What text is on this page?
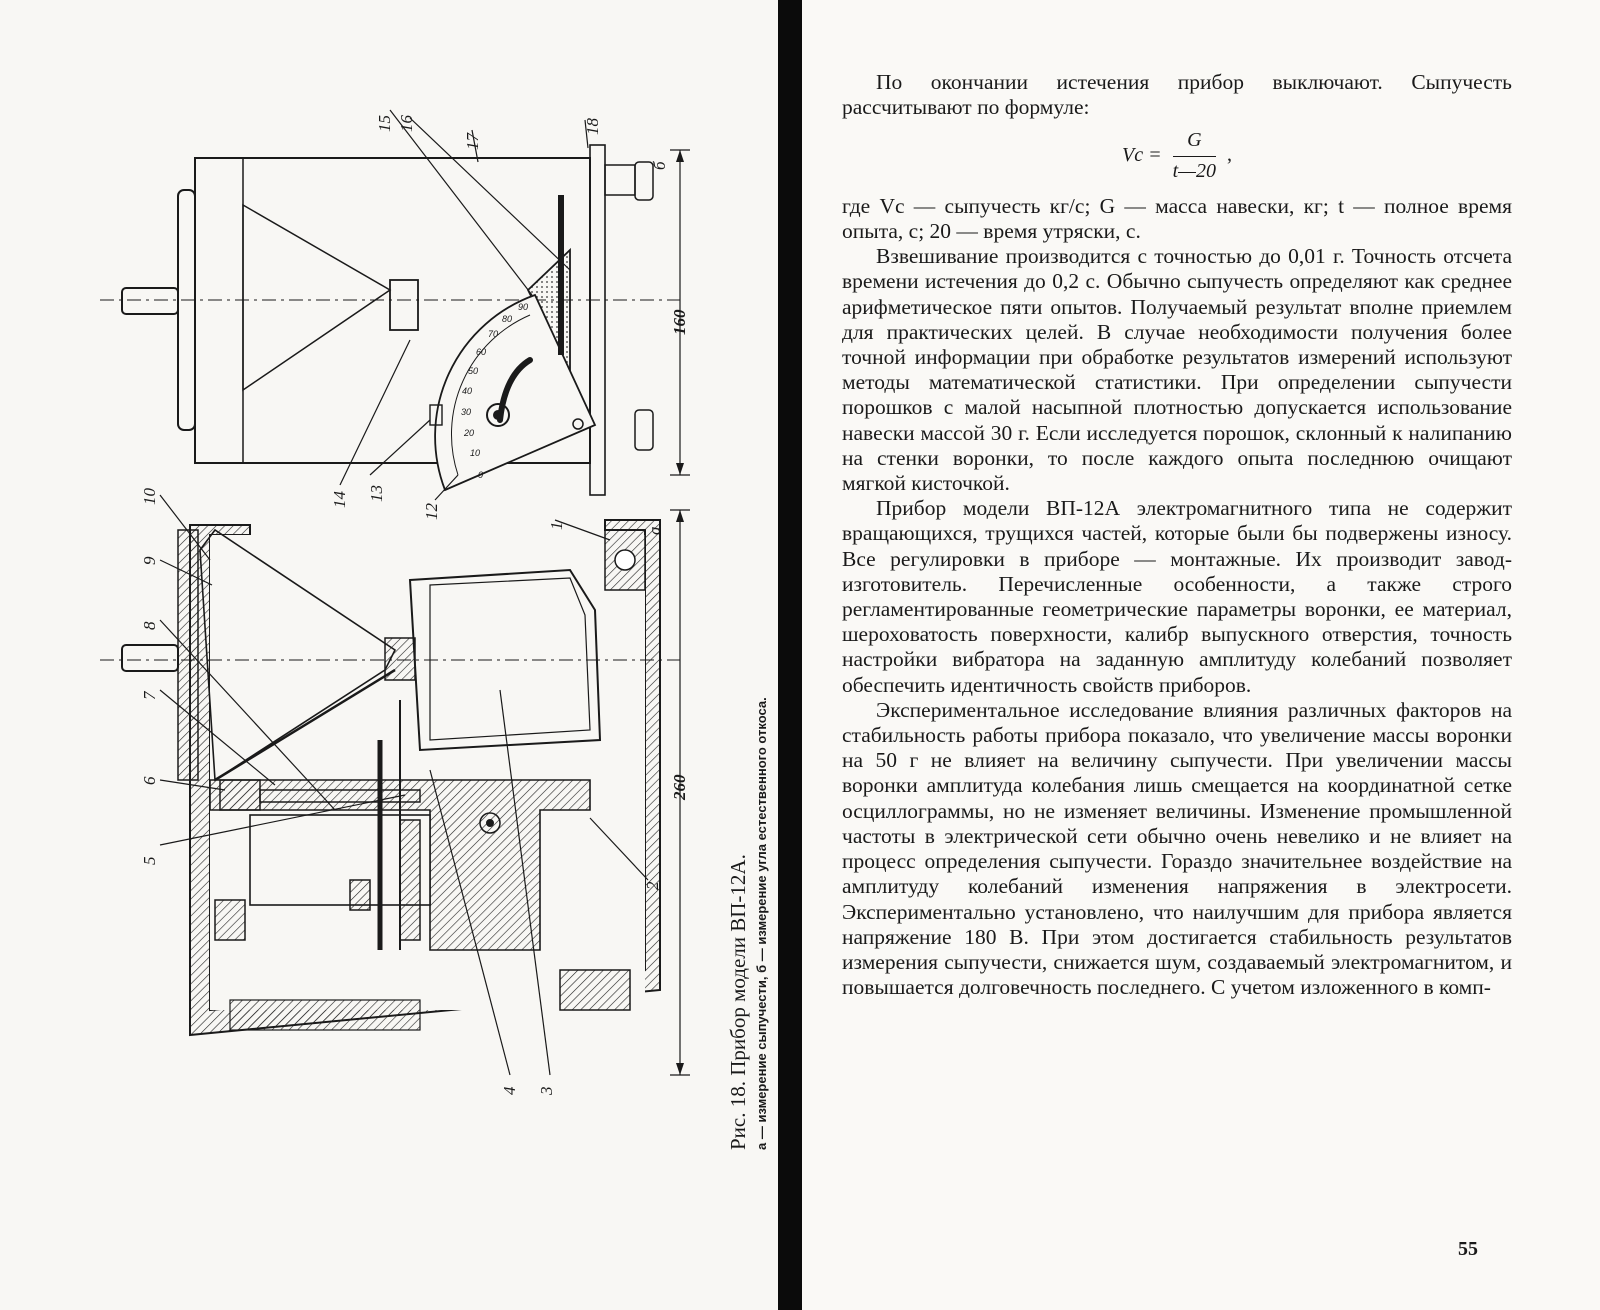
0
10
20
30
40
50
60
70
80
90
б
а
160
260
15 16
17
18
14 13
12
1
2
3
4
5
6
7
8
9
10
Рис. 18. Прибор модели ВП-12А. а — измерение сыпучести, б — измерение угла естественного откоса.

По окончании истечения прибор выключают. Сыпучесть рассчитывают по формуле:

$Vc = \frac{G}{t—20}$ ,

где Vc — сыпучесть кг/с; G — масса навески, кг; t — полное время опыта, с; 20 — время утряски, с.

Взвешивание производится с точностью до 0,01 г. Точность отсчета времени истечения до 0,2 с. Обычно сыпучесть определяют как среднее арифметическое пяти опытов. Получаемый результат вполне приемлем для практических целей. В случае необходимости получения более точной информации при обработке результатов измерений используют методы математической статистики. При определении сыпучести порошков с малой насыпной плотностью допускается использование навески массой 30 г. Если исследуется порошок, склонный к налипанию на стенки воронки, то после каждого опыта последнюю очищают мягкой кисточкой.

Прибор модели ВП-12А электромагнитного типа не содержит вращающихся, трущихся частей, которые были бы подвержены износу. Все регулировки в приборе — монтажные. Их производит завод-изготовитель. Перечисленные особенности, а также строго регламентированные геометрические параметры воронки, ее материал, шероховатость поверхности, калибр выпускного отверстия, точность настройки вибратора на заданную амплитуду колебаний позволяет обеспечить идентичность свойств приборов.

Экспериментальное исследование влияния различных факторов на стабильность работы прибора показало, что увеличение массы воронки на 50 г не влияет на величину сыпучести. При увеличении массы воронки амплитуда колебания лишь смещается на координатной сетке осциллограммы, но не изменяет величины. Изменение промышленной частоты в электрической сети обычно очень невелико и не влияет на процесс определения сыпучести. Гораздо значительнее воздействие на амплитуду колебаний изменения напряжения в электросети. Экспериментально установлено, что наилучшим для прибора является напряжение 180 В. При этом достигается стабильность результатов измерения сыпучести, снижается шум, создаваемый электромагнитом, и повышается долговечность последнего. С учетом изложенного в комп-

55
